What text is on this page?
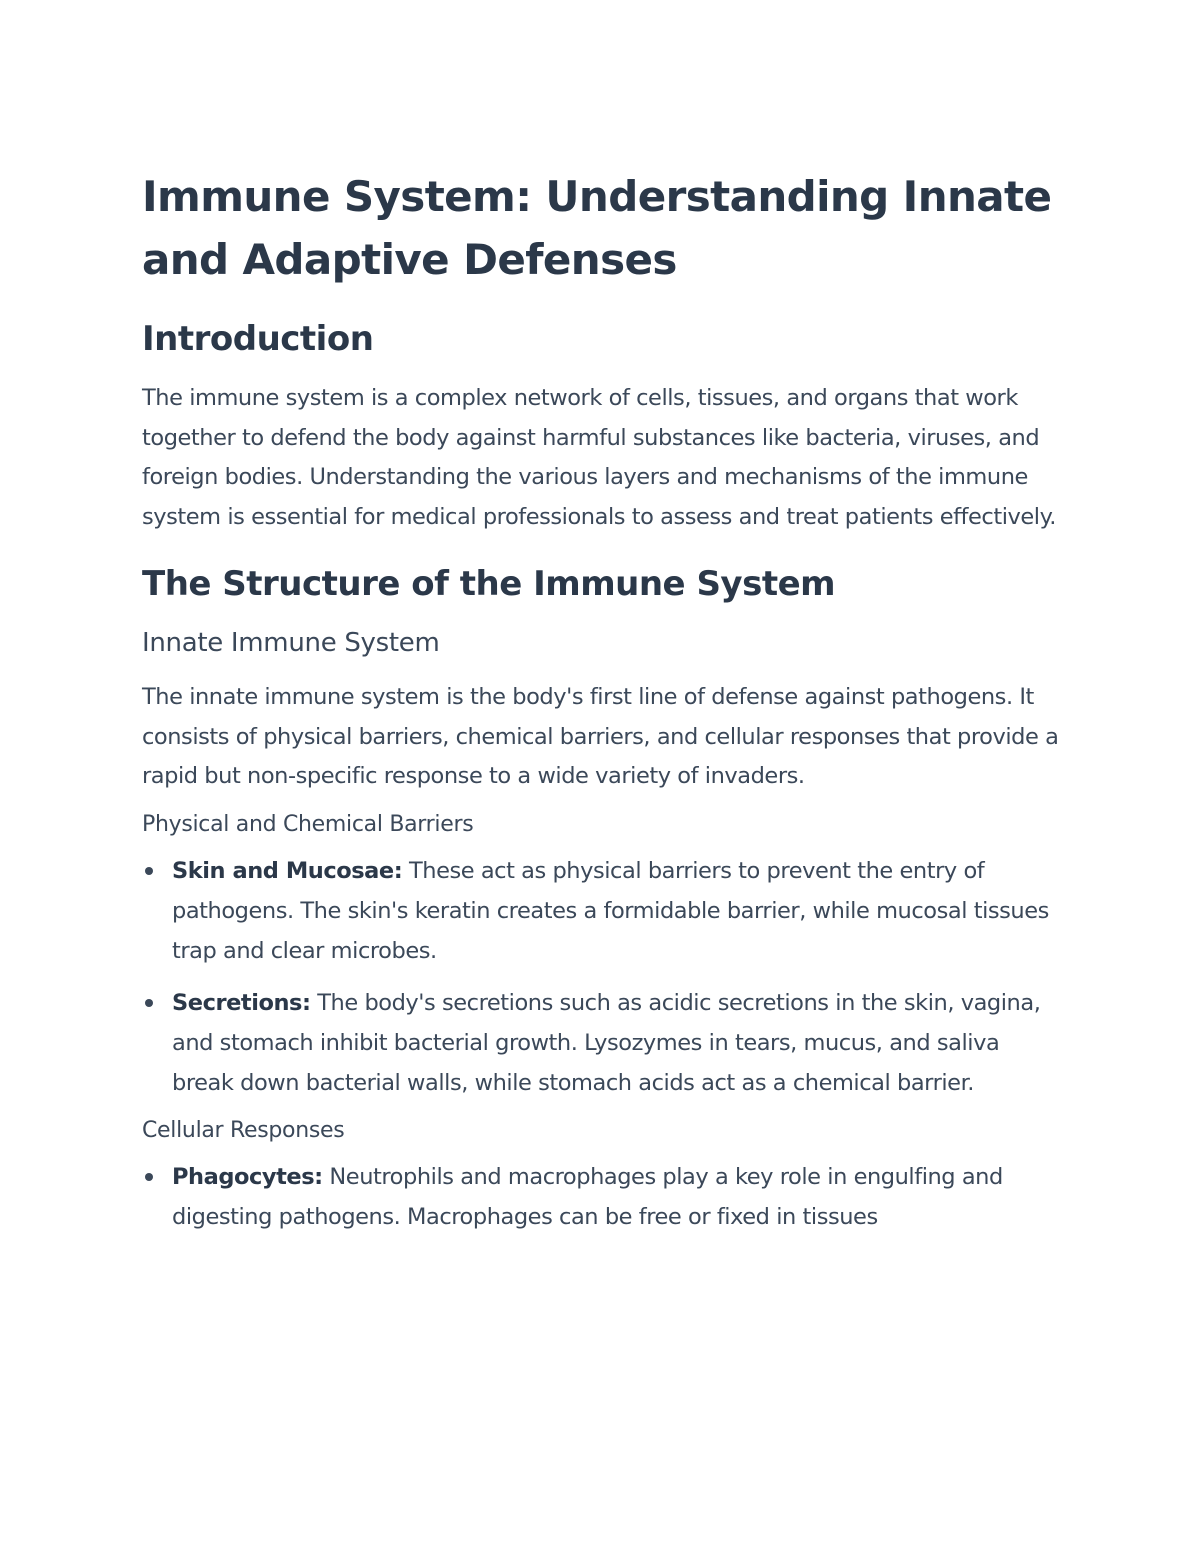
Immune System: Understanding Innate and Adaptive Defenses
Introduction

The immune system is a complex network of cells, tissues, and organs that work together to defend the body against harmful substances like bacteria, viruses, and foreign bodies. Understanding the various layers and mechanisms of the immune system is essential for medical professionals to assess and treat patients effectively.

The Structure of the Immune System
Innate Immune System

The innate immune system is the body's first line of defense against pathogens. It consists of physical barriers, chemical barriers, and cellular responses that provide a rapid but non-specific response to a wide variety of invaders.

Physical and Chemical Barriers
Skin and Mucosae: These act as physical barriers to prevent the entry of pathogens. The skin's keratin creates a formidable barrier, while mucosal tissues trap and clear microbes.
Secretions: The body's secretions such as acidic secretions in the skin, vagina, and stomach inhibit bacterial growth. Lysozymes in tears, mucus, and saliva break down bacterial walls, while stomach acids act as a chemical barrier.
Cellular Responses
Phagocytes: Neutrophils and macrophages play a key role in engulfing and digesting pathogens. Macrophages can be free or fixed in tissues
